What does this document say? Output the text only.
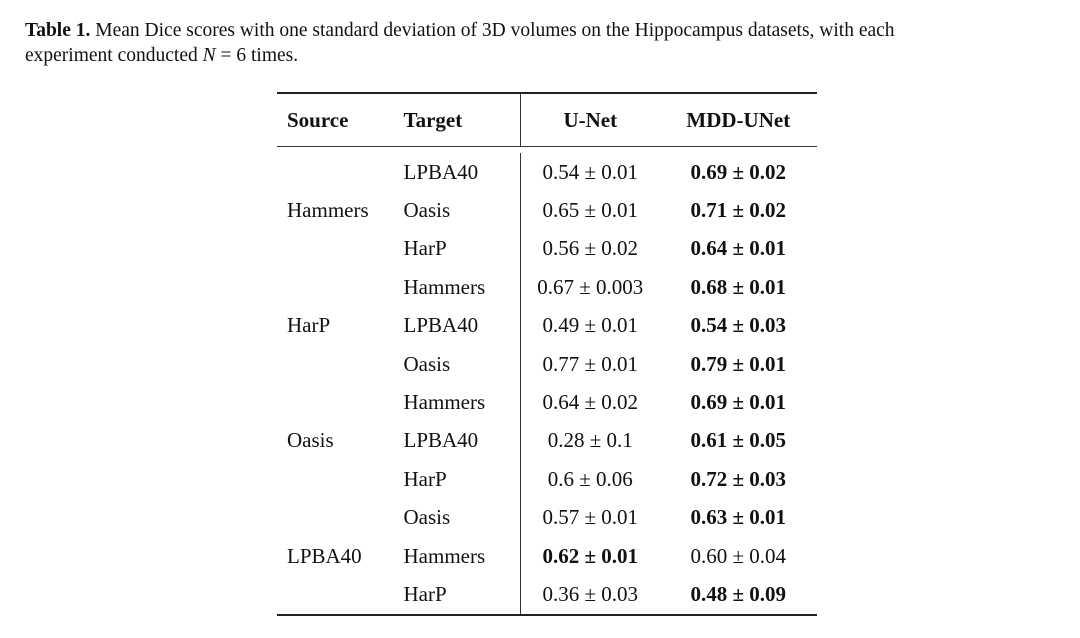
Table 1. Mean Dice scores with one standard deviation of 3D volumes on the Hippocampus datasets, with each
experiment conducted N = 6 times.
Source	Target	U-Net	MDD-UNet

Hammers	LPBA40	0.54 ± 0.01	0.69 ± 0.02
	Oasis	0.65 ± 0.01	0.71 ± 0.02
	HarP	0.56 ± 0.02	0.64 ± 0.01
HarP	Hammers	0.67 ± 0.003	0.68 ± 0.01
	LPBA40	0.49 ± 0.01	0.54 ± 0.03
	Oasis	0.77 ± 0.01	0.79 ± 0.01
Oasis	Hammers	0.64 ± 0.02	0.69 ± 0.01
	LPBA40	0.28 ± 0.1	0.61 ± 0.05
	HarP	0.6 ± 0.06	0.72 ± 0.03
LPBA40	Oasis	0.57 ± 0.01	0.63 ± 0.01
	Hammers	0.62 ± 0.01	0.60 ± 0.04
	HarP	0.36 ± 0.03	0.48 ± 0.09
